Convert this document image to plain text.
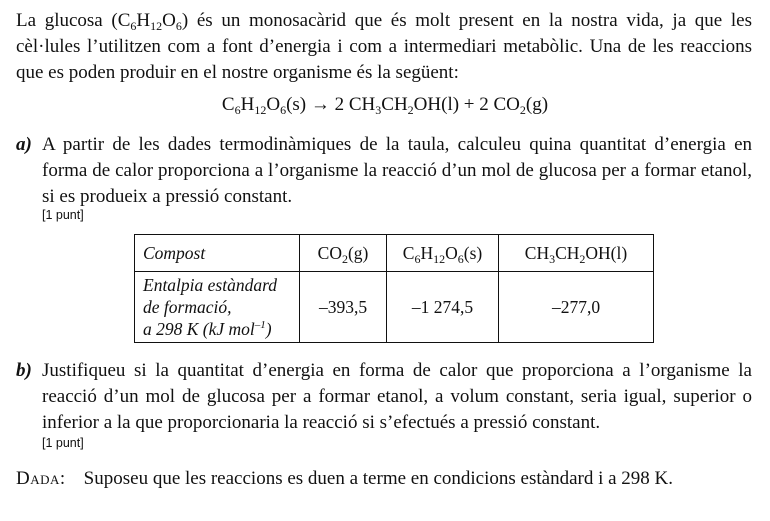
La glucosa $(C_6H_{12}O_6)$ és un monosacàrid que és molt present en la nostra vida, ja que les cèl·lules l’utilitzen com a font d’energia i com a intermediari metabòlic. Una de les reaccions que es poden produir en el nostre organisme és la següent:

$C_6H_{12}O_6(s) \to 2$ $CH_3CH_2OH(l) + 2$ $CO_2(g)$
a) A partir de les dades termodinàmiques de la taula, calculeu quina quantitat d’energia en forma de calor proporciona a l’organisme la reacció d’un mol de glucosa per a formar etanol, si es produeix a pressió constant.

[1 punt]
Compost	$CO_2(g)$	$C_6H_{12}O_6(s)$	$CH_3CH_2OH(l)$
Entalpia estàndard
de formació,
a 298 K (kJ mol$^{-1}$)	–393,5	–1 274,5	–277,0
b) Justifiqueu si la quantitat d’energia en forma de calor que proporciona a l’organisme la reacció d’un mol de glucosa per a formar etanol, a volum constant, seria igual, superior o inferior a la que proporcionaria la reacció si s’efectués a pressió constant.

[1 punt]
Dada: Suposeu que les reaccions es duen a terme en condicions estàndard i a 298 K.
